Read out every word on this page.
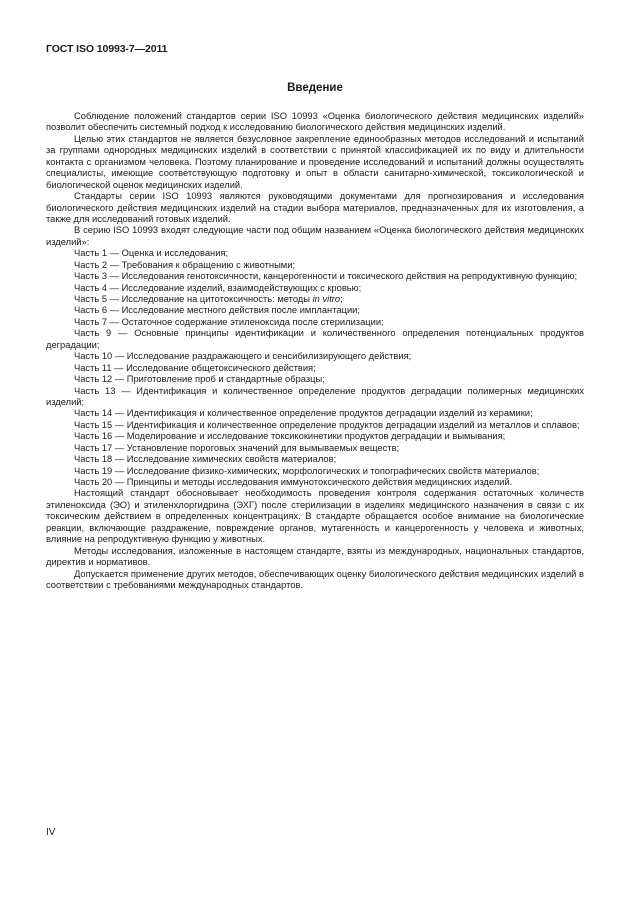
ГОСТ ISO 10993-7—2011
Введение

Соблюдение положений стандартов серии ISO 10993 «Оценка биологического действия медицинских изделий» позволит обеспечить системный подход к исследованию биологического действия медицинских изделий.

Целью этих стандартов не является безусловное закрепление единообразных методов исследований и испытаний за группами однородных медицинских изделий в соответствии с принятой классификацией их по виду и длительности контакта с организмом человека. Поэтому планирование и проведение исследований и испытаний должны осуществлять специалисты, имеющие соответствующую подготовку и опыт в области санитарно-химической, токсикологической и биологической оценок медицинских изделий.

Стандарты серии ISO 10993 являются руководящими документами для прогнозирования и исследования биологического действия медицинских изделий на стадии выбора материалов, предназначенных для их изготовления, а также для исследований готовых изделий.

В серию ISO 10993 входят следующие части под общим названием «Оценка биологического действия медицинских изделий»:

Часть 1 — Оценка и исследования;

Часть 2 — Требования к обращению с животными;

Часть 3 — Исследования генотоксичности, канцерогенности и токсического действия на репродуктивную функцию;

Часть 4 — Исследование изделий, взаимодействующих с кровью;

Часть 5 — Исследование на цитотоксичность: методы in vitro;

Часть 6 — Исследование местного действия после имплантации;

Часть 7 — Остаточное содержание этиленоксида после стерилизации;

Часть 9 — Основные принципы идентификации и количественного определения потенциальных продуктов деградации;

Часть 10 — Исследование раздражающего и сенсибилизирующего действия;

Часть 11 — Исследование общетоксического действия;

Часть 12 — Приготовление проб и стандартные образцы;

Часть 13 — Идентификация и количественное определение продуктов деградации полимерных медицинских изделий;

Часть 14 — Идентификация и количественное определение продуктов деградации изделий из керамики;

Часть 15 — Идентификация и количественное определение продуктов деградации изделий из металлов и сплавов;

Часть 16 — Моделирование и исследование токсикокинетики продуктов деградации и вымывания;

Часть 17 — Установление пороговых значений для вымываемых веществ;

Часть 18 — Исследование химических свойств материалов;

Часть 19 — Исследование физико-химических, морфологических и топографических свойств материалов;

Часть 20 — Принципы и методы исследования иммунотоксического действия медицинских изделий.

Настоящий стандарт обосновывает необходимость проведения контроля содержания остаточных количеств этиленоксида (ЭО) и этиленхлоргидрина (ЭХГ) после стерилизации в изделиях медицинского назначения в связи с их токсическим действием в определенных концентрациях. В стандарте обращается особое внимание на биологические реакции, включающие раздражение, повреждение органов, мутагенность и канцерогенность у человека и животных, влияние на репродуктивную функцию у животных.

Методы исследования, изложенные в настоящем стандарте, взяты из международных, национальных стандартов, директив и нормативов.

Допускается применение других методов, обеспечивающих оценку биологического действия медицинских изделий в соответствии с требованиями международных стандартов.

IV
